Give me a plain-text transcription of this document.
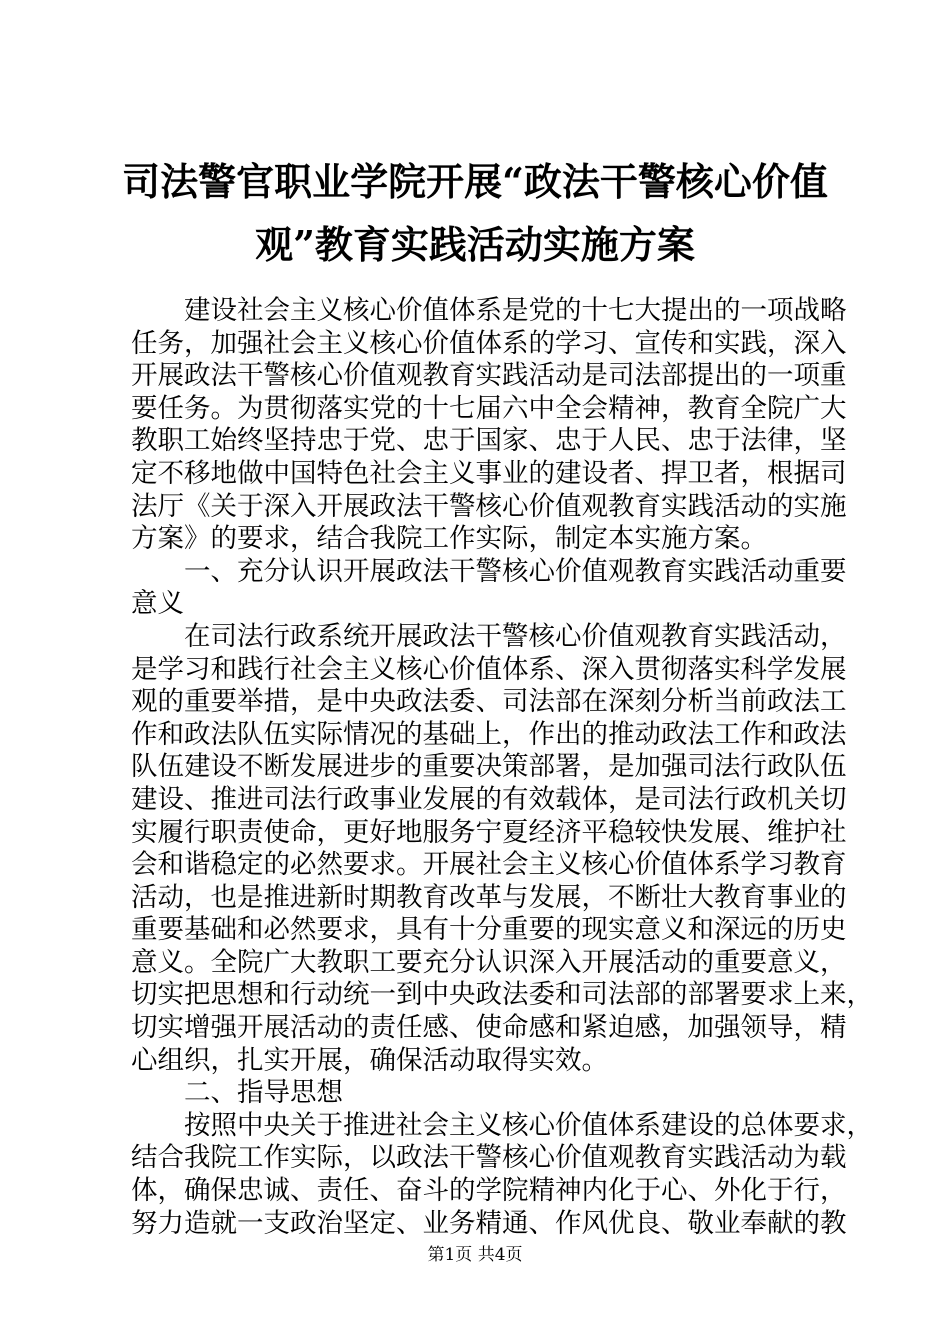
司法警官职业学院开展“政法干警核心价值
观”教育实践活动实施方案
建设社会主义核心价值体系是党的十七大提出的一项战略
任务，加强社会主义核心价值体系的学习、宣传和实践，深入
开展政法干警核心价值观教育实践活动是司法部提出的一项重
要任务。为贯彻落实党的十七届六中全会精神，教育全院广大
教职工始终坚持忠于党、忠于国家、忠于人民、忠于法律，坚
定不移地做中国特色社会主义事业的建设者、捍卫者，根据司
法厅《关于深入开展政法干警核心价值观教育实践活动的实施
方案》的要求，结合我院工作实际，制定本实施方案。
一、充分认识开展政法干警核心价值观教育实践活动重要
意义
在司法行政系统开展政法干警核心价值观教育实践活动，
是学习和践行社会主义核心价值体系、深入贯彻落实科学发展
观的重要举措，是中央政法委、司法部在深刻分析当前政法工
作和政法队伍实际情况的基础上，作出的推动政法工作和政法
队伍建设不断发展进步的重要决策部署，是加强司法行政队伍
建设、推进司法行政事业发展的有效载体，是司法行政机关切
实履行职责使命，更好地服务宁夏经济平稳较快发展、维护社
会和谐稳定的必然要求。开展社会主义核心价值体系学习教育
活动，也是推进新时期教育改革与发展，不断壮大教育事业的
重要基础和必然要求，具有十分重要的现实意义和深远的历史
意义。全院广大教职工要充分认识深入开展活动的重要意义，
切实把思想和行动统一到中央政法委和司法部的部署要求上来，
切实增强开展活动的责任感、使命感和紧迫感，加强领导，精
心组织，扎实开展，确保活动取得实效。
二、指导思想
按照中央关于推进社会主义核心价值体系建设的总体要求，
结合我院工作实际，以政法干警核心价值观教育实践活动为载
体，确保忠诚、责任、奋斗的学院精神内化于心、外化于行，
努力造就一支政治坚定、业务精通、作风优良、敬业奉献的教
第1页 共4页
